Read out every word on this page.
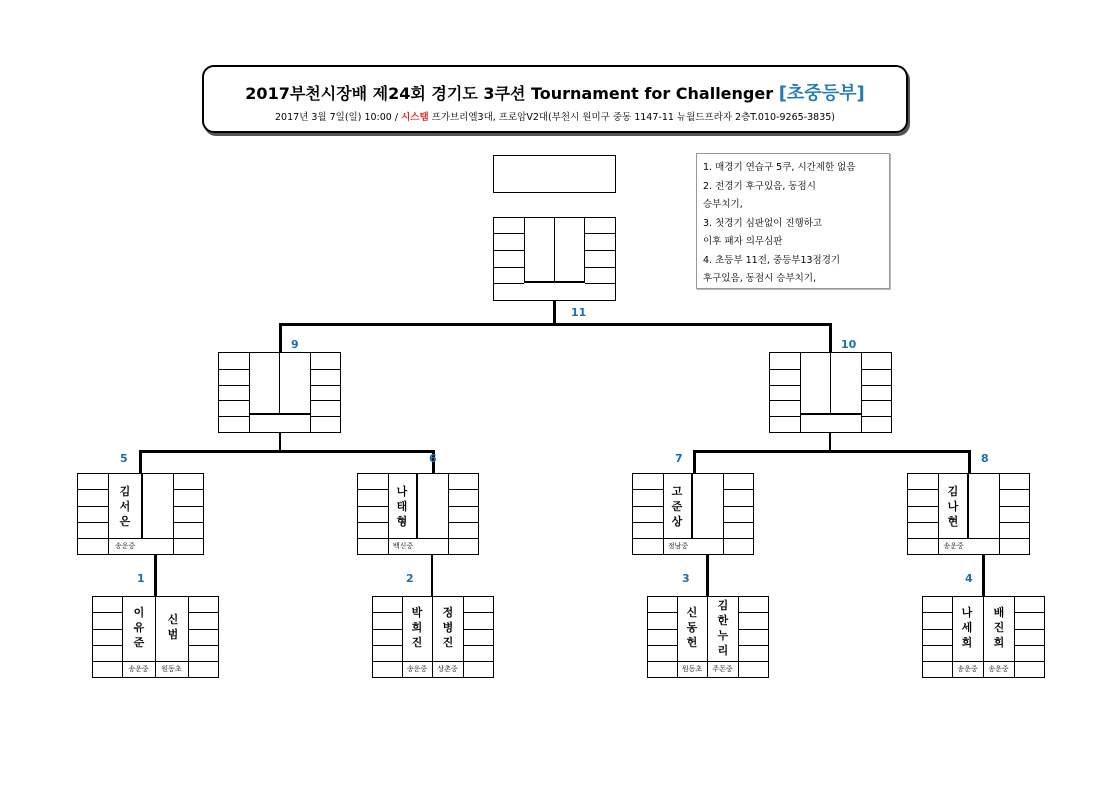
2017부천시장배 제24회 경기도 3쿠션 Tournament for Challenger [초중등부]
2017년 3월 7일(일) 10:00 / 시스탬 프가브리엘3대, 프로암V2대(부천시 원미구 중동 1147-11 뉴월드프라자 2층T.010-9265-3835)
1. 매경기 연습구 5쿠, 시간제한 없음
2. 전경기 후구있음, 동점시
승부치기,
3. 첫경기 심판없이 진행하고
이후 패자 의무심판
4. 초등부 11전, 중등부13점경기
후구있음, 동점시 승부치기,
11
9	10
5	6	7	8
김서은
송운중
나태형
백신중
고준상
정남중
김나현
송운중
1	2	3	4
이유준
신범
송운중	원동초
박희진
정병진
송운중	상촌중
신동헌
김한누리
원동초	주몬중
나세희
배진희
송운중	송운중
